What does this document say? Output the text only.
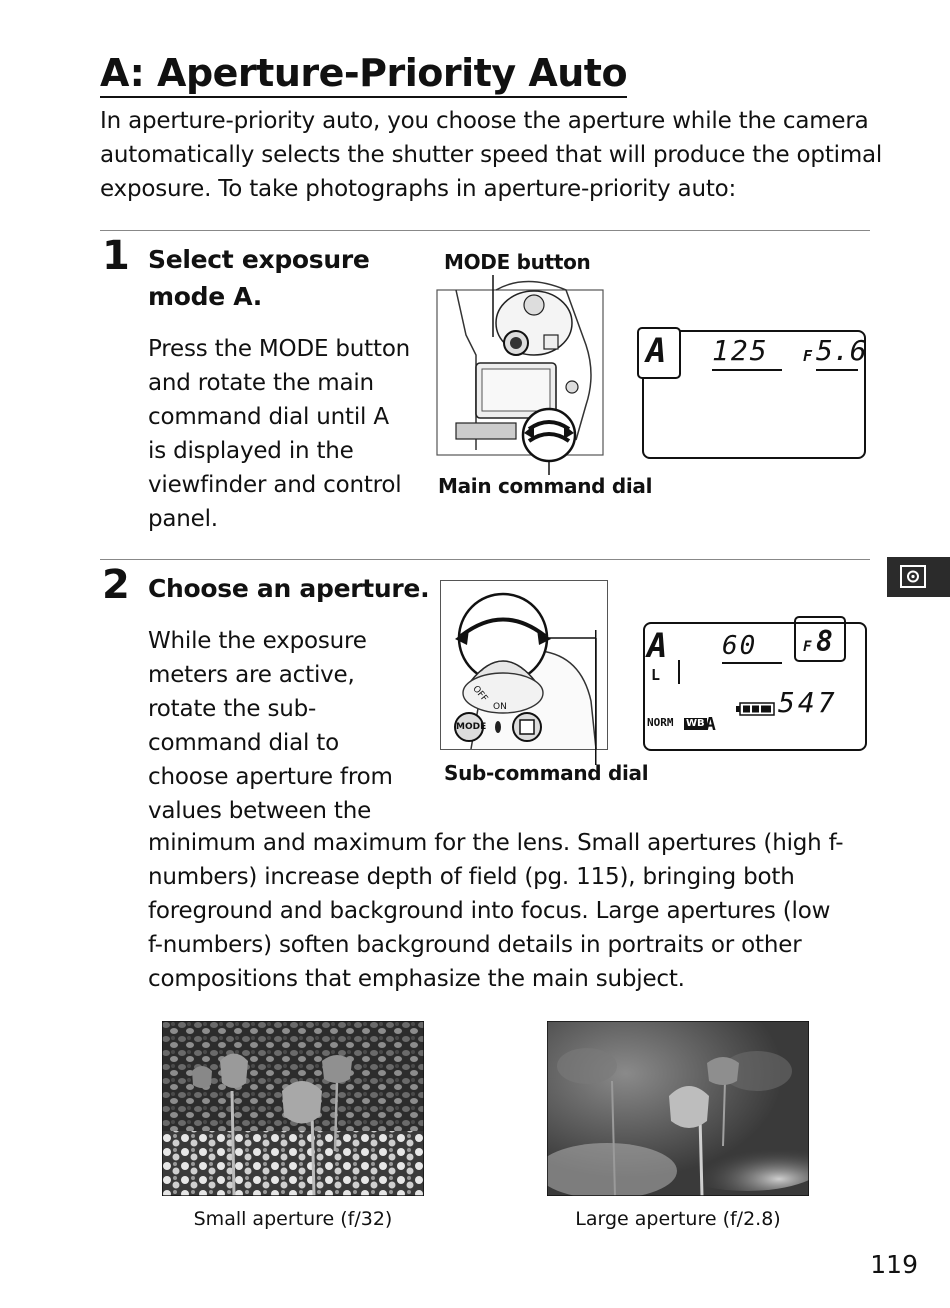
A: Aperture-Priority Auto
In aperture-priority auto, you choose the aperture while the camera automatically selects the shutter speed that will produce the optimal exposure. To take photographs in aperture-priority auto:
1 Select exposure
mode A.
Press the MODE button
and rotate the main
command dial until A
is displayed in the
viewfinder and control
panel.
MODE button
Main command dial
A 125	F 5.6
2 Choose an aperture.
While the exposure
meters are active,
rotate the sub-
command dial to
choose aperture from
values between the
minimum and maximum for the lens. Small apertures (high f-
numbers) increase depth of field (pg. 115), bringing both
foreground and background into focus. Large apertures (low
f-numbers) soften background details in portraits or other
compositions that emphasize the main subject.
MODE
OFF
ON
Sub-command dial
A 60	F 8
L
NORM WB A
547
Small aperture (f/32)	Large aperture (f/2.8)
119
